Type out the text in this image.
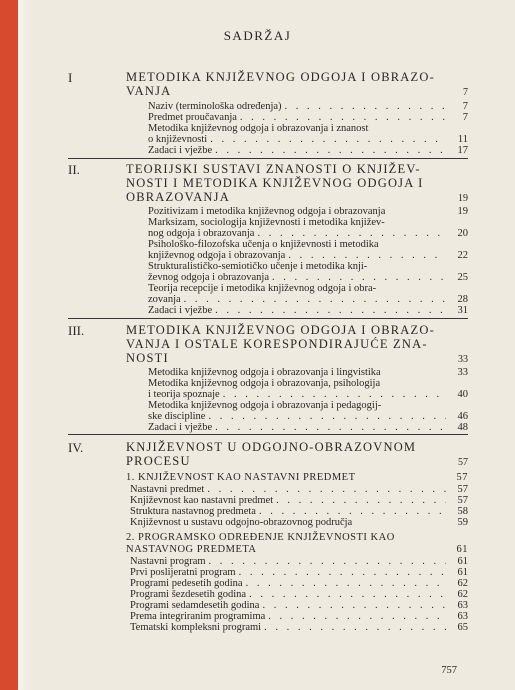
SADRŽAJ
I	METODIKA KNJIŽEVNOG ODGOJA I OBRAZO-
VANJA	7
Naziv (terminološka određenja) . . .	7
Predmet proučavanja . . .	7
Metodika književnog odgoja i obrazovanja i znanost
o književnosti . . .	11
Zadaci i vježbe . . .	17
II.	TEORIJSKI SUSTAVI ZNANOSTI O KNJIŽEV-
NOSTI I METODIKA KNJIŽEVNOG ODGOJA I
OBRAZOVANJA	19
Pozitivizam i metodika književnog odgoja i obrazovanja	19
Marksizam, sociologija književnosti i metodika književ-
nog odgoja i obrazovanja . . .	20
Psihološko-filozofska učenja o književnosti i metodika
književnog odgoja i obrazovanja . . .	22
Strukturalističko-semiotičko učenje i metodika knji-
ževnog odgoja i obrazovanja . . .	25
Teorija recepcije i metodika književnog odgoja i obra-
zovanja . . .	28
Zadaci i vježbe . . .	31
III.	METODIKA KNJIŽEVNOG ODGOJA I OBRAZO-
VANJA I OSTALE KORESPONDIRAJUĆE ZNA-
NOSTI	33
Metodika književnog odgoja i obrazovanja i lingvistika	33
Metodika književnog odgoja i obrazovanja, psihologija
i teorija spoznaje . . .	40
Metodika književnog odgoja i obrazovanja i pedagogij-
ske discipline . . .	46
Zadaci i vježbe . . .	48
IV.	KNJIŽEVNOST U ODGOJNO-OBRAZOVNOM
PROCESU	57
1. KNJIŽEVNOST KAO NASTAVNI PREDMET	57
Nastavni predmet . . .	57
Književnost kao nastavni predmet . . .	57
Struktura nastavnog predmeta . . .	58
Književnost u sustavu odgojno-obrazovnog područja	59
2. PROGRAMSKO ODREĐENJE KNJIŽEVNOSTI KAO
NASTAVNOG PREDMETA	61
Nastavni program . . .	61
Prvi poslijeratni program . . .	61
Programi pedesetih godina . . .	62
Programi šezdesetih godina . . .	62
Programi sedamdesetih godina . . .	63
Prema integriranim programima . . .	63
Tematski kompleksni programi . . .	65
757
